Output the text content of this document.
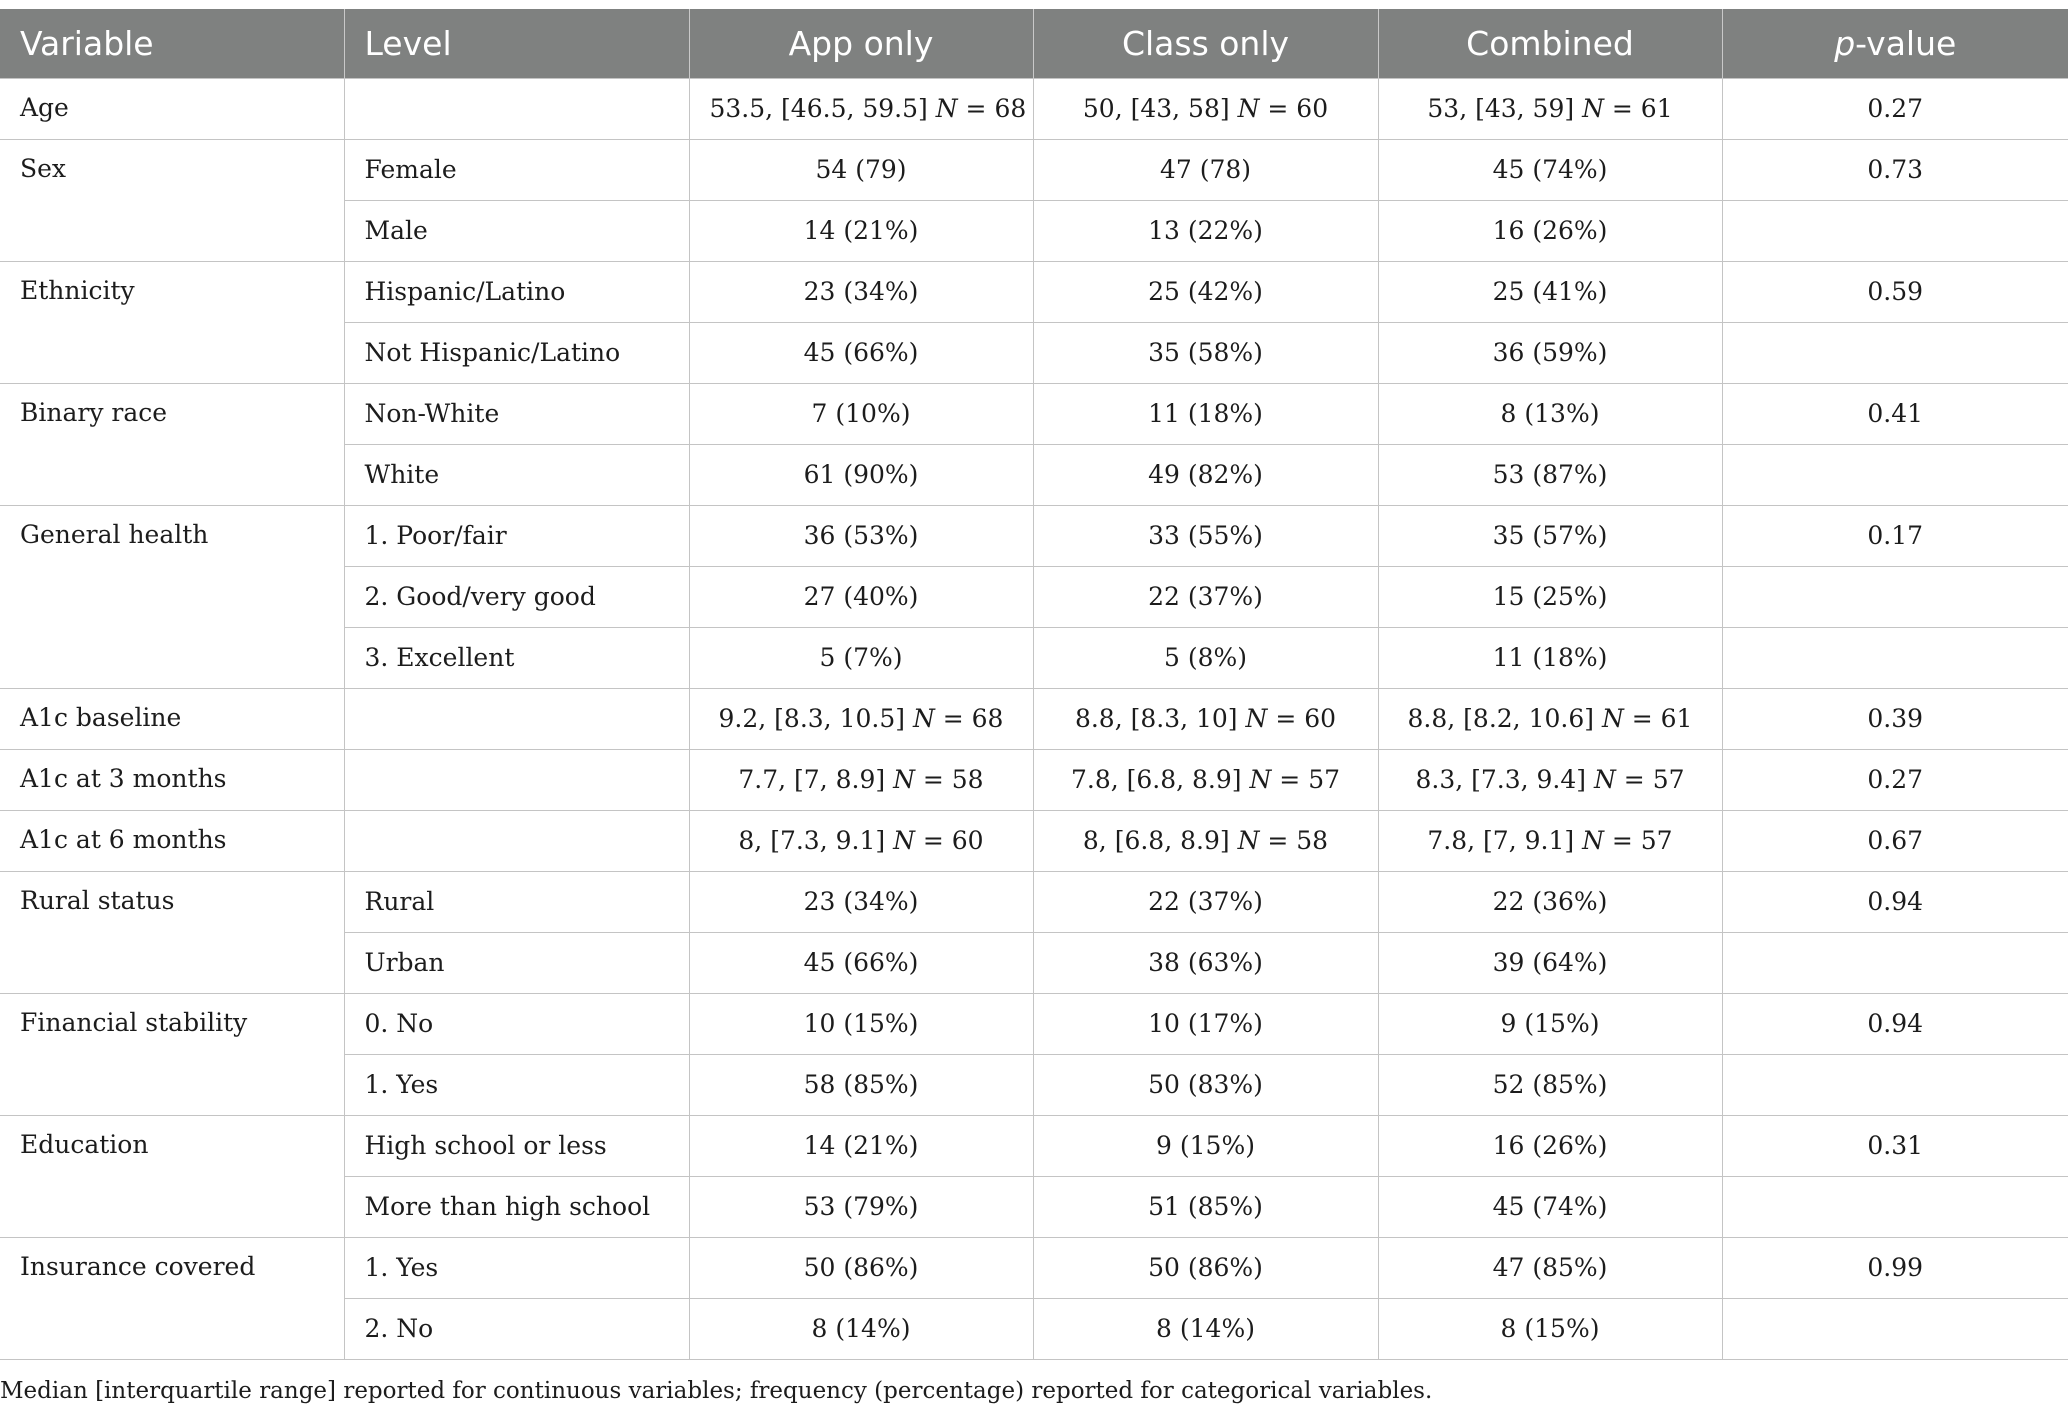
Variable	Level	App only	Class only	Combined	p-value
Age		53.5, [46.5, 59.5] N = 68	50, [43, 58] N = 60	53, [43, 59] N = 61	0.27
Sex	Female	54 (79)	47 (78)	45 (74%)	0.73
	Male	14 (21%)	13 (22%)	16 (26%)	
Ethnicity	Hispanic/Latino	23 (34%)	25 (42%)	25 (41%)	0.59
	Not Hispanic/Latino	45 (66%)	35 (58%)	36 (59%)	
Binary race	Non-White	7 (10%)	11 (18%)	8 (13%)	0.41
	White	61 (90%)	49 (82%)	53 (87%)	
General health	1. Poor/fair	36 (53%)	33 (55%)	35 (57%)	0.17
	2. Good/very good	27 (40%)	22 (37%)	15 (25%)	
	3. Excellent	5 (7%)	5 (8%)	11 (18%)	
A1c baseline		9.2, [8.3, 10.5] N = 68	8.8, [8.3, 10] N = 60	8.8, [8.2, 10.6] N = 61	0.39
A1c at 3 months		7.7, [7, 8.9] N = 58	7.8, [6.8, 8.9] N = 57	8.3, [7.3, 9.4] N = 57	0.27
A1c at 6 months		8, [7.3, 9.1] N = 60	8, [6.8, 8.9] N = 58	7.8, [7, 9.1] N = 57	0.67
Rural status	Rural	23 (34%)	22 (37%)	22 (36%)	0.94
	Urban	45 (66%)	38 (63%)	39 (64%)	
Financial stability	0. No	10 (15%)	10 (17%)	9 (15%)	0.94
	1. Yes	58 (85%)	50 (83%)	52 (85%)	
Education	High school or less	14 (21%)	9 (15%)	16 (26%)	0.31
	More than high school	53 (79%)	51 (85%)	45 (74%)	
Insurance covered	1. Yes	50 (86%)	50 (86%)	47 (85%)	0.99
	2. No	8 (14%)	8 (14%)	8 (15%)	
Median [interquartile range] reported for continuous variables; frequency (percentage) reported for categorical variables.
